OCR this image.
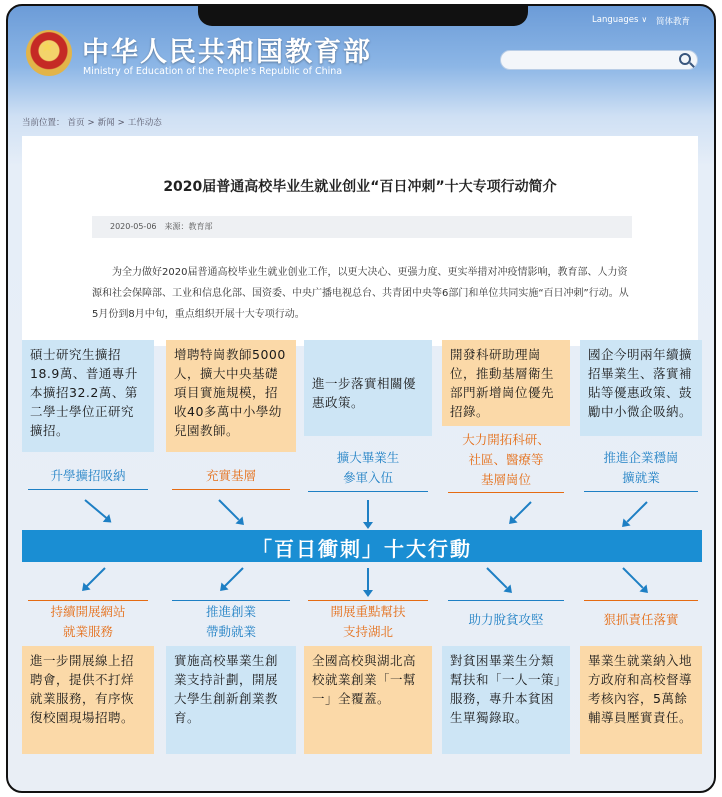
★ 中华人民共和国教育部
Ministry of Education of the People's Republic of China
Languages ∨ 简体教育
当前位置： 首页 > 新闻 > 工作动态
2020届普通高校毕业生就业创业“百日冲刺”十大专项行动简介
2020-05-06 来源：教育部

为全力做好2020届普通高校毕业生就业创业工作，以更大决心、更强力度、更实举措对冲疫情影响，教育部、人力资源和社会保障部、工业和信息化部、国资委、中央广播电视总台、共青团中央等6部门和单位共同实施“百日冲刺”行动。从5月份到8月中旬，重点组织开展十大专项行动。

碩士研究生擴招18.9萬、普通專升本擴招32.2萬、第二學士學位正研究擴招。
升學擴招吸納
增聘特崗教師5000人，擴大中央基礎項目實施規模，招收40多萬中小學幼兒園教師。
充實基層
進一步落實相關優惠政策。
擴大畢業生
參軍入伍
開發科研助理崗位，推動基層衛生部門新增崗位優先招錄。
大力開拓科研、
社區、醫療等
基層崗位
國企今明兩年續擴招畢業生、落實補貼等優惠政策、鼓勵中小微企吸納。
推進企業穩崗
擴就業
「百日衝刺」十大行動
持續開展網站
就業服務
進一步開展線上招聘會，提供不打烊就業服務，有序恢復校園現場招聘。
推進創業
帶動就業
實施高校畢業生創業支持計劃，開展大學生創新創業教育。
開展重點幫扶
支持湖北
全國高校與湖北高校就業創業「一幫一」全覆蓋。
助力脫貧攻堅
對貧困畢業生分類幫扶和「一人一策」服務，專升本貧困生單獨錄取。
狠抓責任落實
畢業生就業納入地方政府和高校督導考核內容，5萬餘輔導員壓實責任。
